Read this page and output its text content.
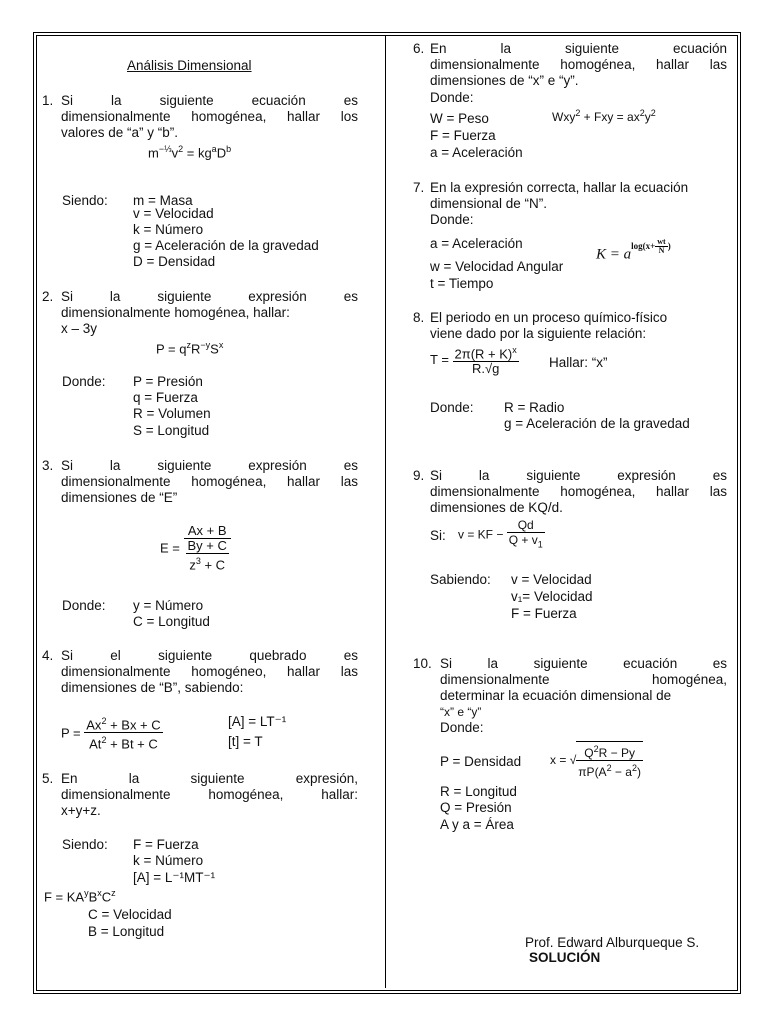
Análisis Dimensional
1. Si la siguiente ecuación es
dimensionalmente homogénea, hallar los
valores de “a” y “b”.
$m^{-\frac{1}{3}}v^2 = kg^aD^b$
Siendo: m = Masa
v = Velocidad
k = Número
g = Aceleración de la gravedad
D = Densidad
2. Si la siguiente expresión es
dimensionalmente homogénea, hallar:
x – 3y
$P = q^zR^{-y}S^x$
Donde: P = Presión
q = Fuerza
R = Volumen
S = Longitud
3. Si la siguiente expresión es
dimensionalmente homogénea, hallar las
dimensiones de “E”
$E = \frac{Ax + B}{\frac{By + C}{z^3 + C}}$
Donde: y = Número
C = Longitud
4. Si el siguiente quebrado es
dimensionalmente homogéneo, hallar las
dimensiones de “B”, sabiendo:
$P = \frac{Ax^2 + Bx + C}{At^2 + Bt + C}$	[A] = LT⁻¹
[t] = T
5. En la siguiente expresión,
dimensionalmente homogénea, hallar:
x+y+z.
Siendo: F = Fuerza
k = Número
[A] = L⁻¹MT⁻¹
$F = KA^yB^xC^z$
C = Velocidad
B = Longitud
6. En la siguiente ecuación
dimensionalmente homogénea, hallar las
dimensiones de “x” e “y”.
Donde:
W = Peso
F = Fuerza
a = Aceleración
Wxy$^2$ + Fxy = $ax^2y^2$
7. En la expresión correcta, hallar la ecuación
dimensional de “N”.
Donde:
a = Aceleración
w = Velocidad Angular
t = Tiempo
$K = a^{log(x+ \frac{wt}{N} )}$
8. El periodo en un proceso químico-físico
viene dado por la siguiente relación:
$T = \frac{2\pi(R + K)^x}{R.√g}$ Hallar: “x”
Donde: R = Radio
g = Aceleración de la gravedad
9. Si la siguiente expresión es
dimensionalmente homogénea, hallar las
dimensiones de KQ/d.
Si: v = KF − $\frac{Qd}{Q + v_1}$
Sabiendo: v = Velocidad
v₁= Velocidad
F = Fuerza
10. Si la siguiente ecuación es
dimensionalmente homogénea,
determinar la ecuación dimensional de
“x” e “y”
Donde:
P = Densidad x = √ $\frac{Q^2R - Py}{\pi P(A^2 - a^2)}$
R = Longitud
Q = Presión
A y a = Área
Prof. Edward Alburqueque S.
SOLUCIÓN
